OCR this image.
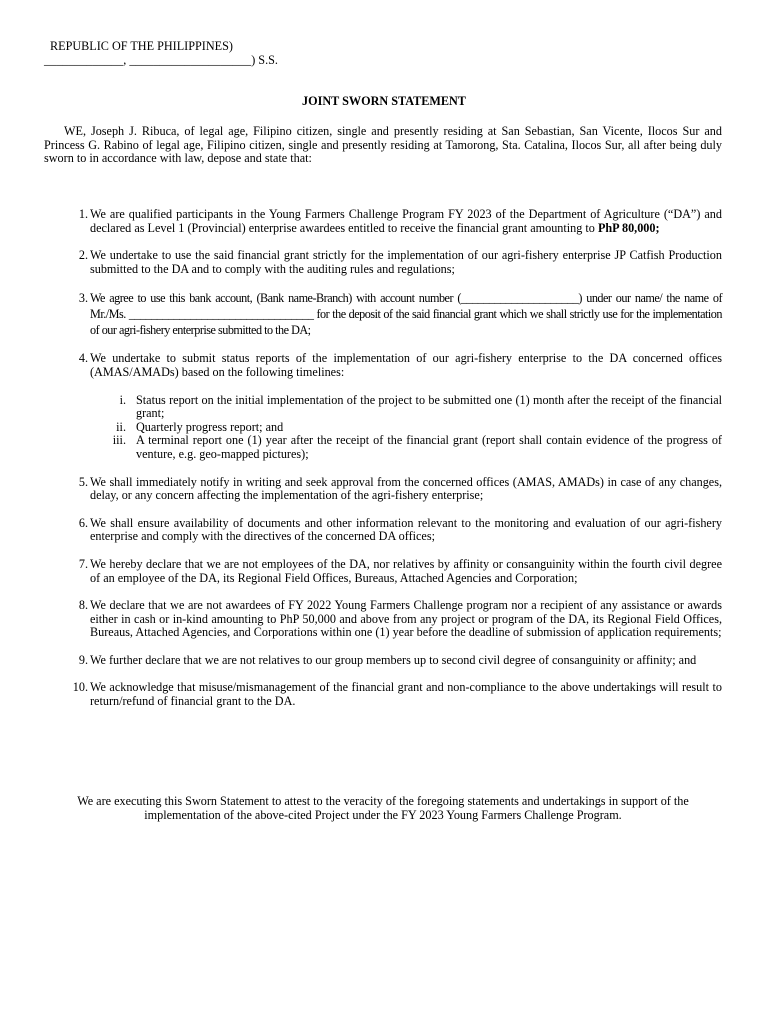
REPUBLIC OF THE PHILIPPINES)
_____________, ____________________) S.S.
JOINT SWORN STATEMENT
WE, Joseph J. Ribuca, of legal age, Filipino citizen, single and presently residing at San Sebastian, San Vicente, Ilocos Sur and Princess G. Rabino of legal age, Filipino citizen, single and presently residing at Tamorong, Sta. Catalina, Ilocos Sur, all after being duly sworn to in accordance with law, depose and state that:
1. We are qualified participants in the Young Farmers Challenge Program FY 2023 of the Department of Agriculture (“DA”) and declared as Level 1 (Provincial) enterprise awardees entitled to receive the financial grant amounting to PhP 80,000;
2. We undertake to use the said financial grant strictly for the implementation of our agri-fishery enterprise JP Catfish Production submitted to the DA and to comply with the auditing rules and regulations;
3. We agree to use this bank account, (Bank name-Branch) with account number (_____________________) under our name/ the name of Mr./Ms. _________________________________ for the deposit of the said financial grant which we shall strictly use for the implementation of our agri-fishery enterprise submitted to the DA;
4. We undertake to submit status reports of the implementation of our agri-fishery enterprise to the DA concerned offices (AMAS/AMADs) based on the following timelines:
i. Status report on the initial implementation of the project to be submitted one (1) month after the receipt of the financial grant;
ii. Quarterly progress report; and
iii. A terminal report one (1) year after the receipt of the financial grant (report shall contain evidence of the progress of venture, e.g. geo-mapped pictures);
5. We shall immediately notify in writing and seek approval from the concerned offices (AMAS, AMADs) in case of any changes, delay, or any concern affecting the implementation of the agri-fishery enterprise;
6. We shall ensure availability of documents and other information relevant to the monitoring and evaluation of our agri-fishery enterprise and comply with the directives of the concerned DA offices;
7. We hereby declare that we are not employees of the DA, nor relatives by affinity or consanguinity within the fourth civil degree of an employee of the DA, its Regional Field Offices, Bureaus, Attached Agencies and Corporation;
8. We declare that we are not awardees of FY 2022 Young Farmers Challenge program nor a recipient of any assistance or awards either in cash or in-kind amounting to PhP 50,000 and above from any project or program of the DA, its Regional Field Offices, Bureaus, Attached Agencies, and Corporations within one (1) year before the deadline of submission of application requirements;
9. We further declare that we are not relatives to our group members up to second civil degree of consanguinity or affinity; and
10. We acknowledge that misuse/mismanagement of the financial grant and non-compliance to the above undertakings will result to return/refund of financial grant to the DA.
We are executing this Sworn Statement to attest to the veracity of the foregoing statements and undertakings in support of the implementation of the above-cited Project under the FY 2023 Young Farmers Challenge Program.
